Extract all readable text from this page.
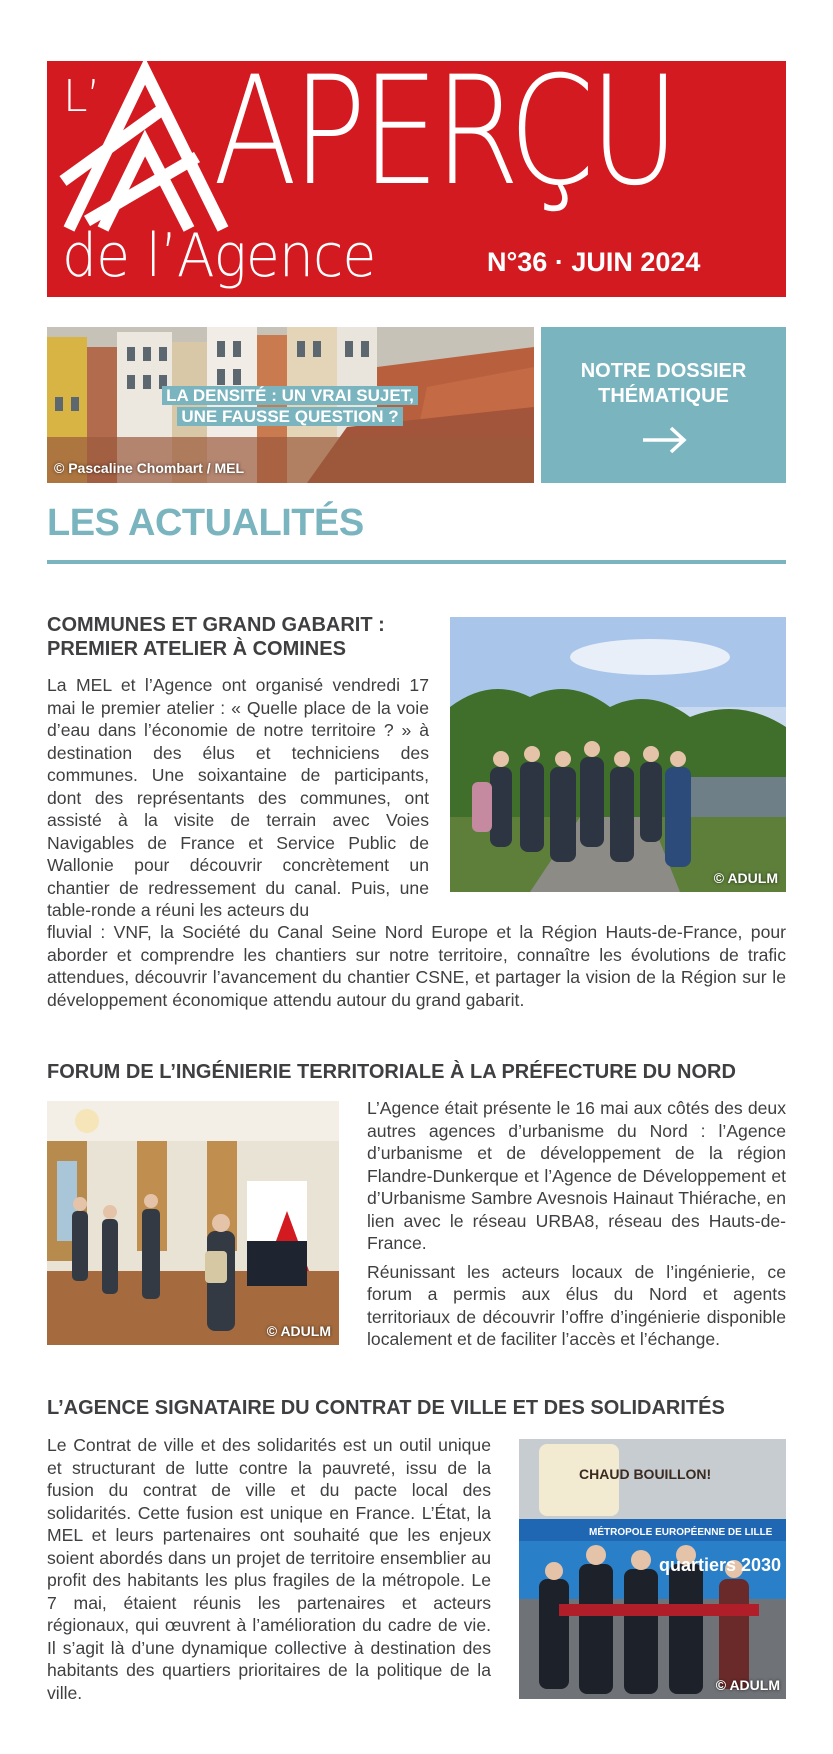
L’ APERÇU
de l’Agence	N°36 · JUIN 2024
LA DENSITÉ : UN VRAI SUJET, UNE FAUSSE QUESTION ?
© Pascaline Chombart / MEL
NOTRE DOSSIER THÉMATIQUE
LES ACTUALITÉS
COMMUNES ET GRAND GABARIT :
PREMIER ATELIER À COMINES
La MEL et l’Agence ont organisé vendredi 17 mai le premier atelier : « Quelle place de la voie d’eau dans l’économie de notre territoire ? » à destination des élus et techniciens des communes. Une soixantaine de participants, dont des représentants des communes, ont assisté à la visite de terrain avec Voies Navigables de France et Service Public de Wallonie pour découvrir concrètement un chantier de redressement du canal. Puis, une table-ronde a réuni les acteurs du
fluvial : VNF, la Société du Canal Seine Nord Europe et la Région Hauts-de-France, pour aborder et comprendre les chantiers sur notre territoire, connaître les évolutions de trafic attendues, découvrir l’avancement du chantier CSNE, et partager la vision de la Région sur le développement économique attendu autour du grand gabarit.
© ADULM
FORUM DE L’INGÉNIERIE TERRITORIALE À LA PRÉFECTURE DU NORD
© ADULM

L’Agence était présente le 16 mai aux côtés des deux autres agences d’urbanisme du Nord : l’Agence d’urbanisme et de développement de la région Flandre-Dunkerque et l’Agence de Développement et d’Urbanisme Sambre Avesnois Hainaut Thiérache, en lien avec le réseau URBA8, réseau des Hauts-de-France.

Réunissant les acteurs locaux de l’ingénierie, ce forum a permis aux élus du Nord et agents territoriaux de découvrir l’offre d’ingénierie disponible localement et de faciliter l’accès et l’échange.

L’AGENCE SIGNATAIRE DU CONTRAT DE VILLE ET DES SOLIDARITÉS
Le Contrat de ville et des solidarités est un outil unique et structurant de lutte contre la pauvreté, issu de la fusion du contrat de ville et du pacte local des solidarités. Cette fusion est unique en France. L’État, la MEL et leurs partenaires ont souhaité que les enjeux soient abordés dans un projet de territoire ensemblier au profit des habitants les plus fragiles de la métropole. Le 7 mai, étaient réunis les partenaires et acteurs régionaux, qui œuvrent à l’amélioration du cadre de vie. Il s’agit là d’une dynamique collective à destination des habitants des quartiers prioritaires de la politique de la ville.
CHAUD BOUILLON!
MÉTROPOLE EUROPÉENNE DE LILLE
quartiers 2030
© ADULM
